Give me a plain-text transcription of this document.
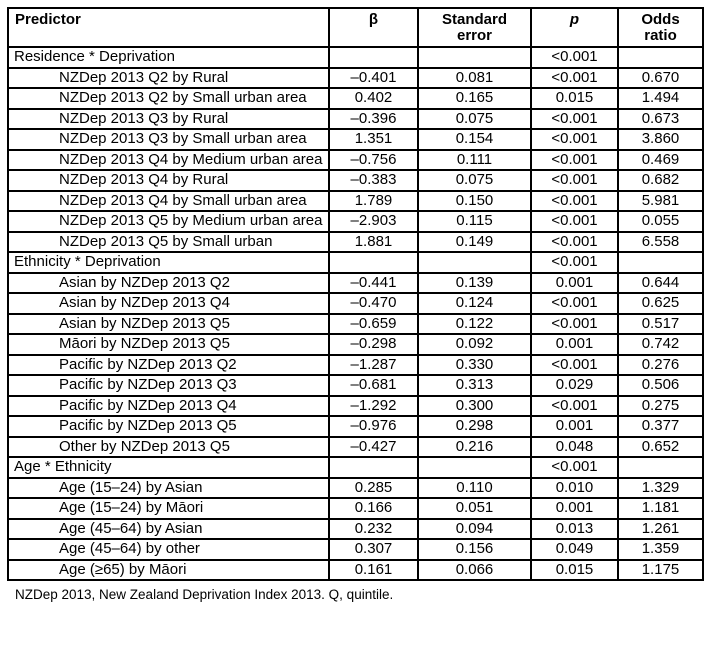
Predictor	β	Standard error	p	Odds ratio
Residence * Deprivation			<0.001	
NZDep 2013 Q2 by Rural	–0.401	0.081	<0.001	0.670
NZDep 2013 Q2 by Small urban area	0.402	0.165	0.015	1.494
NZDep 2013 Q3 by Rural	–0.396	0.075	<0.001	0.673
NZDep 2013 Q3 by Small urban area	1.351	0.154	<0.001	3.860
NZDep 2013 Q4 by Medium urban area	–0.756	0.111	<0.001	0.469
NZDep 2013 Q4 by Rural	–0.383	0.075	<0.001	0.682
NZDep 2013 Q4 by Small urban area	1.789	0.150	<0.001	5.981
NZDep 2013 Q5 by Medium urban area	–2.903	0.115	<0.001	0.055
NZDep 2013 Q5 by Small urban	1.881	0.149	<0.001	6.558
Ethnicity * Deprivation			<0.001	
Asian by NZDep 2013 Q2	–0.441	0.139	0.001	0.644
Asian by NZDep 2013 Q4	–0.470	0.124	<0.001	0.625
Asian by NZDep 2013 Q5	–0.659	0.122	<0.001	0.517
Māori by NZDep 2013 Q5	–0.298	0.092	0.001	0.742
Pacific by NZDep 2013 Q2	–1.287	0.330	<0.001	0.276
Pacific by NZDep 2013 Q3	–0.681	0.313	0.029	0.506
Pacific by NZDep 2013 Q4	–1.292	0.300	<0.001	0.275
Pacific by NZDep 2013 Q5	–0.976	0.298	0.001	0.377
Other by NZDep 2013 Q5	–0.427	0.216	0.048	0.652
Age * Ethnicity			<0.001	
Age (15–24) by Asian	0.285	0.110	0.010	1.329
Age (15–24) by Māori	0.166	0.051	0.001	1.181
Age (45–64) by Asian	0.232	0.094	0.013	1.261
Age (45–64) by other	0.307	0.156	0.049	1.359
Age (≥65) by Māori	0.161	0.066	0.015	1.175
NZDep 2013, New Zealand Deprivation Index 2013. Q, quintile.
